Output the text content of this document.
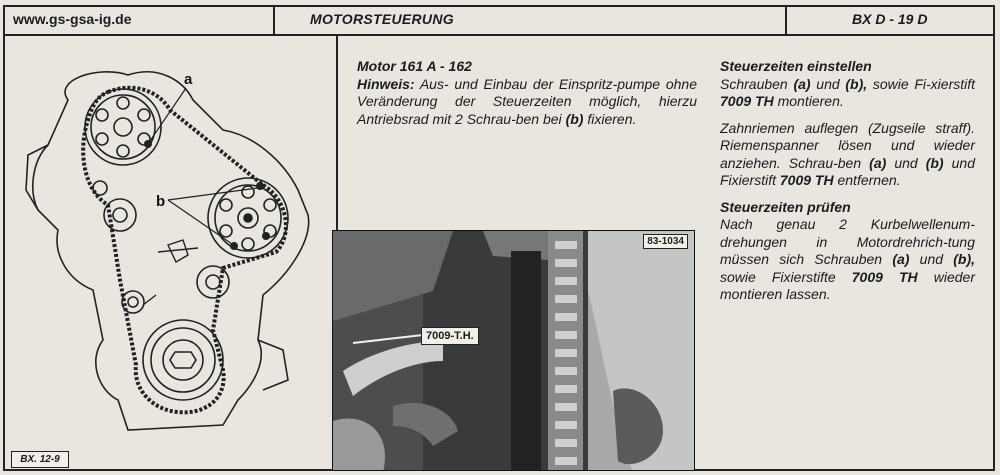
www.gs-gsa-ig.de	MOTORSTEUERUNG	BX D - 19 D
a
b
BX. 12-9

Motor 161 A - 162

Hinweis: Aus- und Einbau der Einspritz-pumpe ohne Veränderung der Steuerzeiten möglich, hierzu Antriebsrad mit 2 Schrau-ben bei (b) fixieren.

83-1034
7009-T.H.

Steuerzeiten einstellen

Schrauben (a) und (b), sowie Fi-xierstift 7009 TH montieren.

Zahnriemen auflegen (Zugseile straff). Riemenspanner lösen und wieder anziehen. Schrau-ben (a) und (b) und Fixierstift 7009 TH entfernen.

Steuerzeiten prüfen

Nach genau 2 Kurbelwellenum-drehungen in Motordrehrich-tung müssen sich Schrauben (a) und (b), sowie Fixierstifte 7009 TH wieder montieren lassen.
